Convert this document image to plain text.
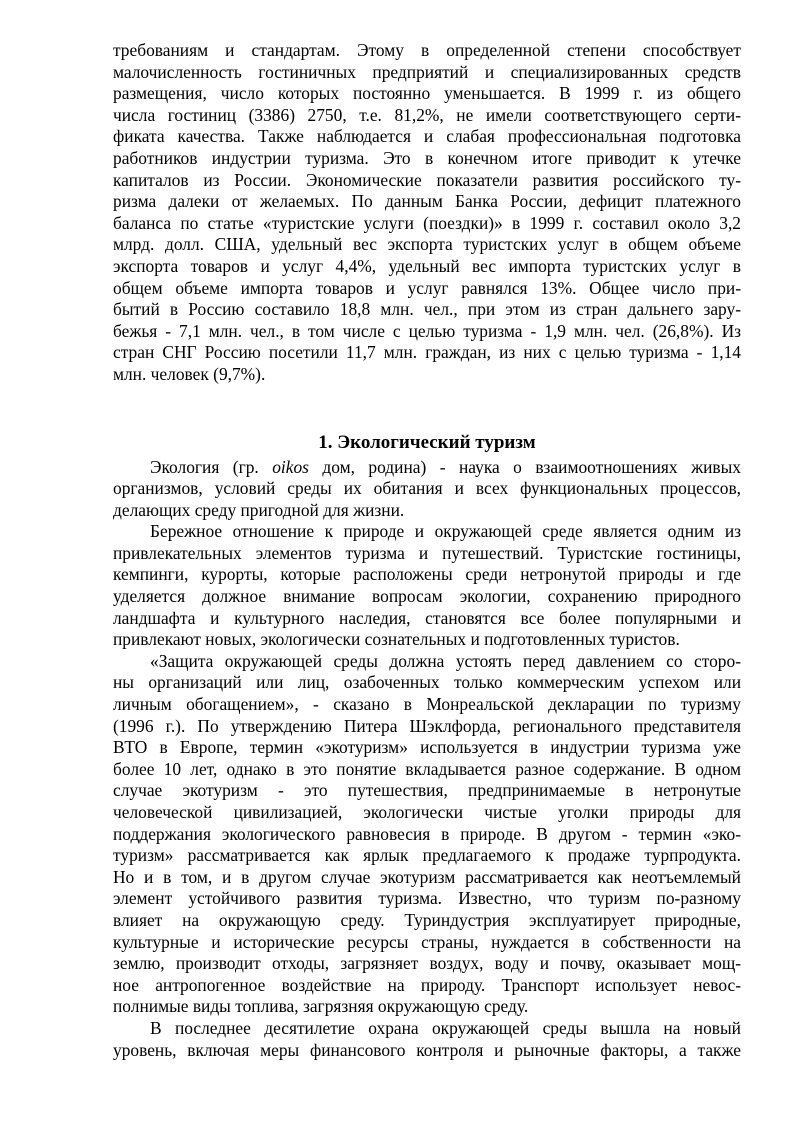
требованиям и стандартам. Этому в определенной степени способствует
малочисленность гостиничных предприятий и специализированных средств
размещения, число которых постоянно уменьшается. В 1999 г. из общего
числа гостиниц (3386) 2750, т.е. 81,2%, не имели соответствующего серти-
фиката качества. Также наблюдается и слабая профессиональная подготовка
работников индустрии туризма. Это в конечном итоге приводит к утечке
капиталов из России. Экономические показатели развития российского ту-
ризма далеки от желаемых. По данным Банка России, дефицит платежного
баланса по статье «туристские услуги (поездки)» в 1999 г. составил около 3,2
млрд. долл. США, удельный вес экспорта туристских услуг в общем объеме
экспорта товаров и услуг 4,4%, удельный вес импорта туристских услуг в
общем объеме импорта товаров и услуг равнялся 13%. Общее число при-
бытий в Россию составило 18,8 млн. чел., при этом из стран дальнего зару-
бежья - 7,1 млн. чел., в том числе с целью туризма - 1,9 млн. чел. (26,8%). Из
стран СНГ Россию посетили 11,7 млн. граждан, из них с целью туризма - 1,14
млн. человек (9,7%).
1. Экологический туризм
Экология (гр. oikos дом, родина) - наука о взаимоотношениях живых
организмов, условий среды их обитания и всех функциональных процессов,
делающих среду пригодной для жизни.
Бережное отношение к природе и окружающей среде является одним из
привлекательных элементов туризма и путешествий. Туристские гостиницы,
кемпинги, курорты, которые расположены среди нетронутой природы и где
уделяется должное внимание вопросам экологии, сохранению природного
ландшафта и культурного наследия, становятся все более популярными и
привлекают новых, экологически сознательных и подготовленных туристов.
«Защита окружающей среды должна устоять перед давлением со сторо-
ны организаций или лиц, озабоченных только коммерческим успехом или
личным обогащением», - сказано в Монреальской декларации по туризму
(1996 г.). По утверждению Питера Шэклфорда, регионального представителя
ВТО в Европе, термин «экотуризм» используется в индустрии туризма уже
более 10 лет, однако в это понятие вкладывается разное содержание. В одном
случае экотуризм - это путешествия, предпринимаемые в нетронутые
человеческой цивилизацией, экологически чистые уголки природы для
поддержания экологического равновесия в природе. В другом - термин «эко-
туризм» рассматривается как ярлык предлагаемого к продаже турпродукта.
Но и в том, и в другом случае экотуризм рассматривается как неотъемлемый
элемент устойчивого развития туризма. Известно, что туризм по-разному
влияет на окружающую среду. Туриндустрия эксплуатирует природные,
культурные и исторические ресурсы страны, нуждается в собственности на
землю, производит отходы, загрязняет воздух, воду и почву, оказывает мощ-
ное антропогенное воздействие на природу. Транспорт использует невос-
полнимые виды топлива, загрязняя окружающую среду.
В последнее десятилетие охрана окружающей среды вышла на новый
уровень, включая меры финансового контроля и рыночные факторы, а также
